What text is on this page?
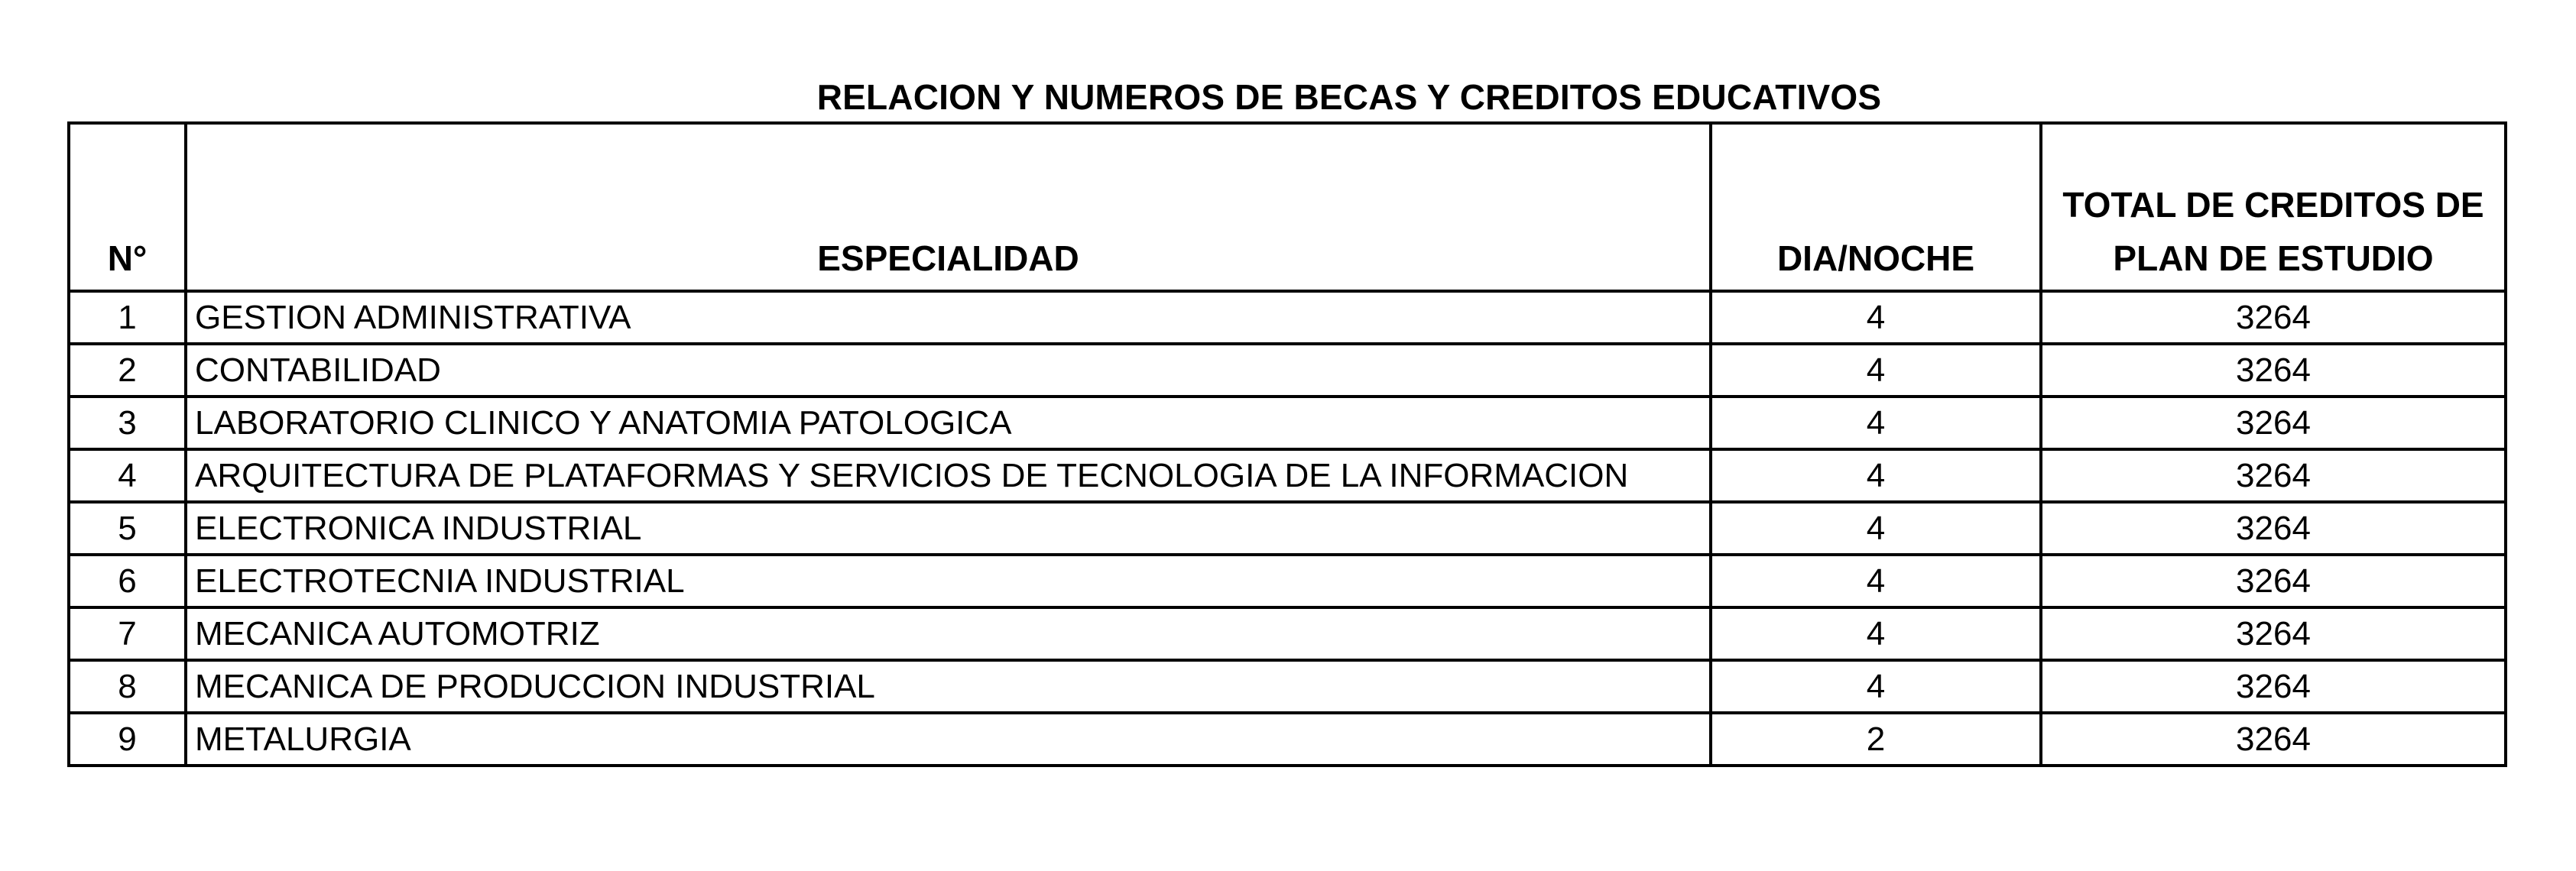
RELACION Y NUMEROS DE BECAS Y CREDITOS EDUCATIVOS
N°	ESPECIALIDAD	DIA/NOCHE	TOTAL DE CREDITOS DE
PLAN DE ESTUDIO
1	GESTION ADMINISTRATIVA	4	3264
2	CONTABILIDAD	4	3264
3	LABORATORIO CLINICO Y ANATOMIA PATOLOGICA	4	3264
4	ARQUITECTURA DE PLATAFORMAS Y SERVICIOS DE TECNOLOGIA DE LA INFORMACION	4	3264
5	ELECTRONICA INDUSTRIAL	4	3264
6	ELECTROTECNIA INDUSTRIAL	4	3264
7	MECANICA AUTOMOTRIZ	4	3264
8	MECANICA DE PRODUCCION INDUSTRIAL	4	3264
9	METALURGIA	2	3264
